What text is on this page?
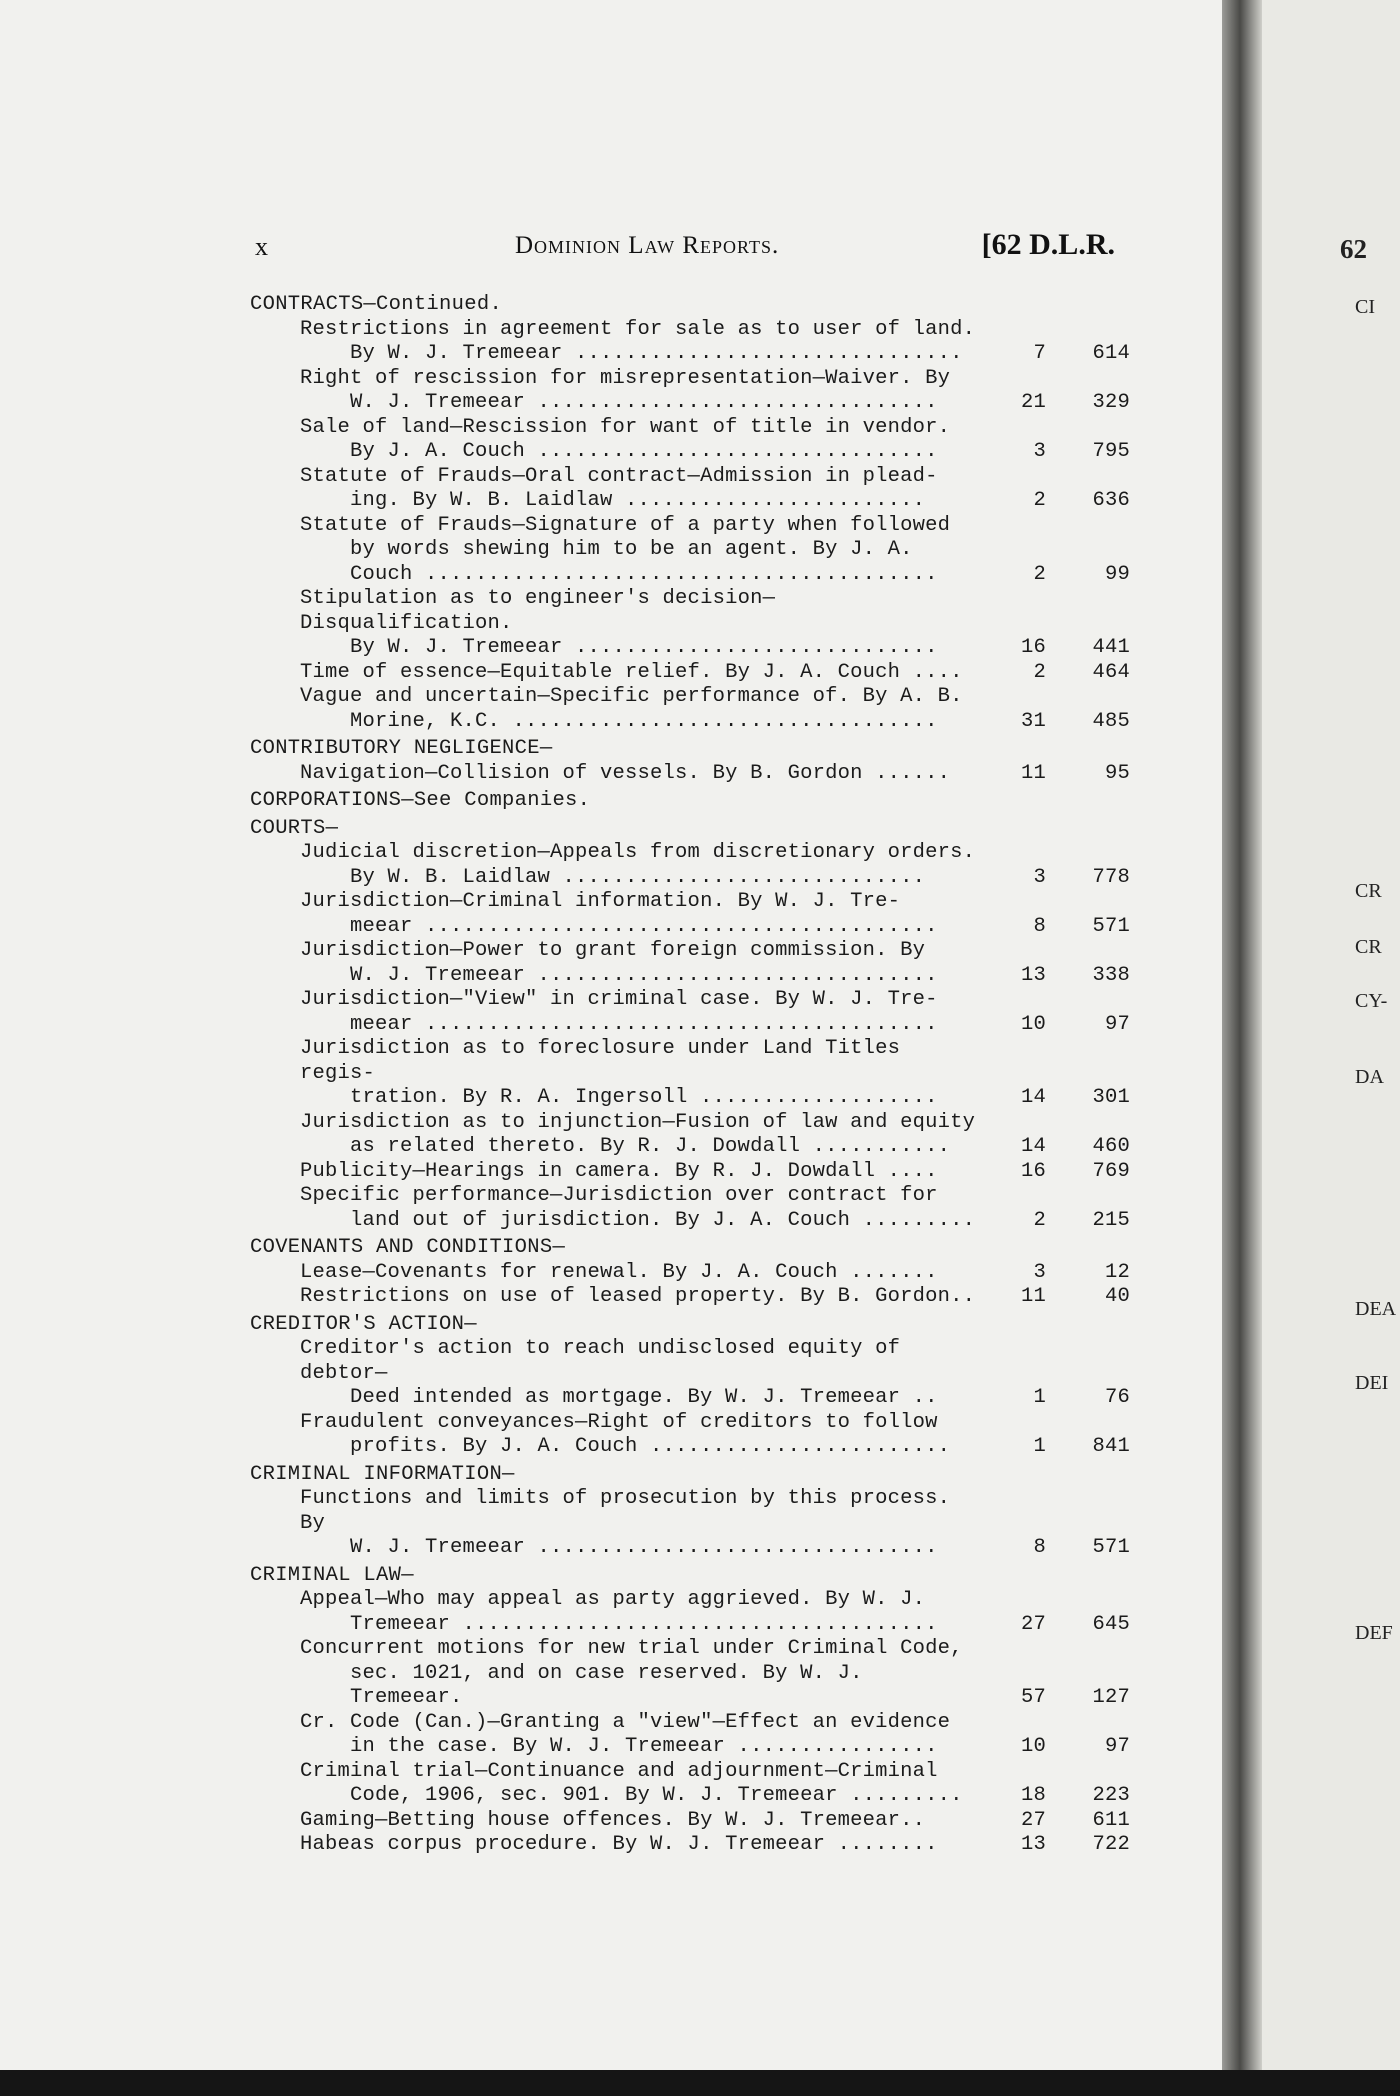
62
CI
CR
CR
CY-
DA
DEA
DEI
DEF
x	Dominion Law Reports.	[62 D.L.R.
CONTRACTS—Continued.
Restrictions in agreement for sale as to user of land.
By W. J. Tremeear ...............................	7	614
Right of rescission for misrepresentation—Waiver. By
W. J. Tremeear ................................	21	329
Sale of land—Rescission for want of title in vendor.
By J. A. Couch ................................	3	795
Statute of Frauds—Oral contract—Admission in plead-
ing. By W. B. Laidlaw ........................	2	636
Statute of Frauds—Signature of a party when followed
by words shewing him to be an agent. By J. A.
Couch .........................................	2	99
Stipulation as to engineer's decision—Disqualification.
By W. J. Tremeear .............................	16	441
Time of essence—Equitable relief. By J. A. Couch ....	2	464
Vague and uncertain—Specific performance of. By A. B.
Morine, K.C. ..................................	31	485
CONTRIBUTORY NEGLIGENCE—
Navigation—Collision of vessels. By B. Gordon ......	11	95
CORPORATIONS—See Companies.
COURTS—
Judicial discretion—Appeals from discretionary orders.
By W. B. Laidlaw .............................	3	778
Jurisdiction—Criminal information. By W. J. Tre-
meear .........................................	8	571
Jurisdiction—Power to grant foreign commission. By
W. J. Tremeear ................................	13	338
Jurisdiction—"View" in criminal case. By W. J. Tre-
meear .........................................	10	97
Jurisdiction as to foreclosure under Land Titles regis-
tration. By R. A. Ingersoll ...................	14	301
Jurisdiction as to injunction—Fusion of law and equity
as related thereto. By R. J. Dowdall ...........	14	460
Publicity—Hearings in camera. By R. J. Dowdall ....	16	769
Specific performance—Jurisdiction over contract for
land out of jurisdiction. By J. A. Couch .........	2	215
COVENANTS AND CONDITIONS—
Lease—Covenants for renewal. By J. A. Couch .......	3	12
Restrictions on use of leased property. By B. Gordon..	11	40
CREDITOR'S ACTION—
Creditor's action to reach undisclosed equity of debtor—
Deed intended as mortgage. By W. J. Tremeear ..	1	76
Fraudulent conveyances—Right of creditors to follow
profits. By J. A. Couch ........................	1	841
CRIMINAL INFORMATION—
Functions and limits of prosecution by this process. By
W. J. Tremeear ................................	8	571
CRIMINAL LAW—
Appeal—Who may appeal as party aggrieved. By W. J.
Tremeear ......................................	27	645
Concurrent motions for new trial under Criminal Code,
sec. 1021, and on case reserved. By W. J. Tremeear.	57	127
Cr. Code (Can.)—Granting a "view"—Effect an evidence
in the case. By W. J. Tremeear ................	10	97
Criminal trial—Continuance and adjournment—Criminal
Code, 1906, sec. 901. By W. J. Tremeear .........	18	223
Gaming—Betting house offences. By W. J. Tremeear..	27	611
Habeas corpus procedure. By W. J. Tremeear ........	13	722
